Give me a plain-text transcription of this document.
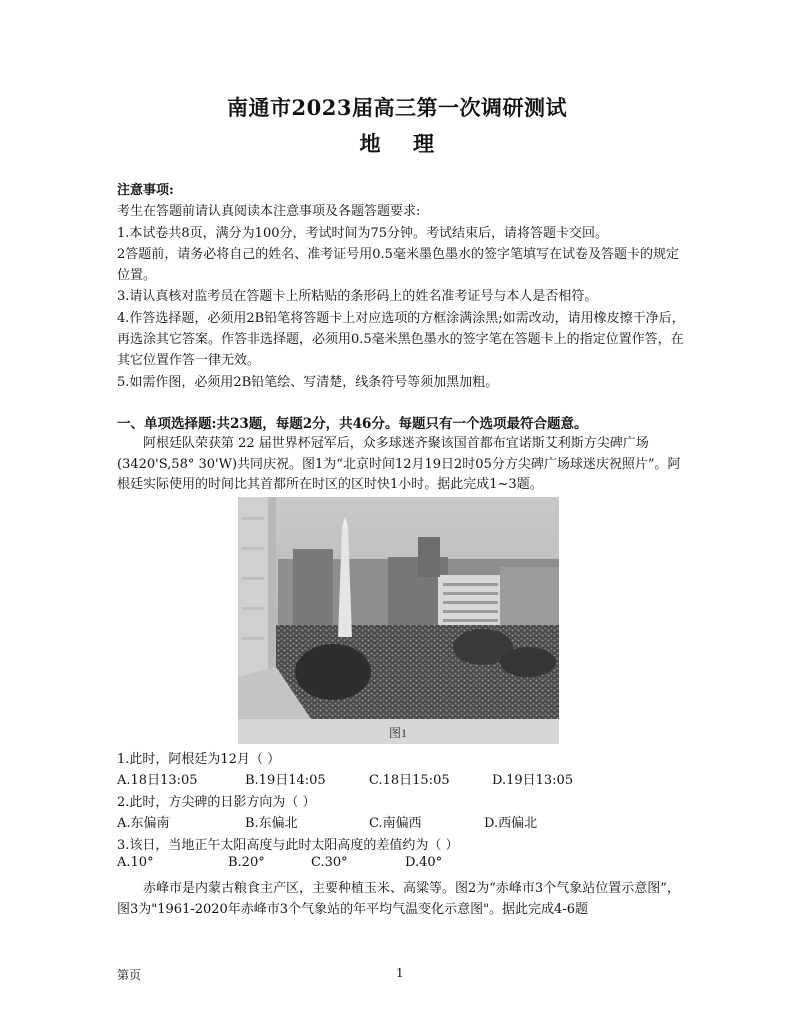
南通市2023届高三第一次调研测试
地 理

注意事项:

考生在答题前请认真阅读本注意事项及各题答题要求:

1.本试卷共8页，满分为100分，考试时间为75分钟。考试结束后，请将答题卡交回。

2答题前，请务必将自己的姓名、准考证号用0.5毫米墨色墨水的签字笔填写在试卷及答题卡的规定位置。

3.请认真核对监考员在答题卡上所粘贴的条形码上的姓名准考证号与本人是否相符。

4.作答选择题，必须用2B铅笔将答题卡上对应选项的方框涂满涂黑;如需改动，请用橡皮擦干净后，再选涂其它答案。作答非选择题，必须用0.5毫米黑色墨水的签字笔在答题卡上的指定位置作答，在其它位置作答一律无效。

5.如需作图，必须用2B铅笔绘、写清楚，线条符号等须加黑加粗。

一、单项选择题:共23题，每题2分，共46分。每题只有一个选项最符合题意。
阿根廷队荣获第 22 届世界杯冠军后，众多球迷齐聚该国首都布宜诺斯艾利斯方尖碑广场(3420'S,58° 30'W)共同庆祝。图1为“北京时间12月19日2时05分方尖碑广场球迷庆祝照片”。阿根廷实际使用的时间比其首都所在时区的区时快1小时。据此完成1~3题。
图1
1.此时，阿根廷为12月（ ）
A.18日13:05	B.19日14:05	C.18日15:05	D.19日13:05
2.此时，方尖碑的日影方向为（ ）
A.东偏南	B.东偏北	C.南偏西	D.西偏北
3.该日，当地正午太阳高度与此时太阳高度的差值约为（ ）
A.10°	B.20°	C.30°	D.40°
赤峰市是内蒙古粮食主产区，主要种植玉米、高粱等。图2为“赤峰市3个气象站位置示意图”，图3为"1961-2020年赤峰市3个气象站的年平均气温变化示意图"。据此完成4-6题
第页	1
